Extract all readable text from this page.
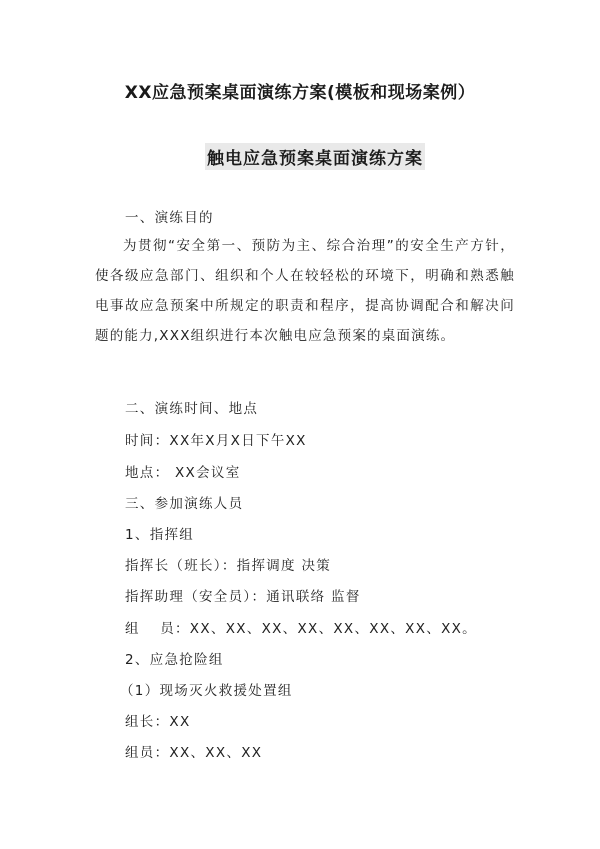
XX应急预案桌面演练方案(模板和现场案例）
触电应急预案桌面演练方案
一、演练目的
为贯彻“安全第一、预防为主、综合治理”的安全生产方针，使各级应急部门、组织和个人在较轻松的环境下，明确和熟悉触电事故应急预案中所规定的职责和程序，提高协调配合和解决问题的能力,XXX组织进行本次触电应急预案的桌面演练。
二、演练时间、地点
时间：XX年X月X日下午XX
地点： XX会议室
三、参加演练人员
1、指挥组
指挥长（班长）：指挥调度 决策
指挥助理（安全员）：通讯联络 监督
组　 员：XX、XX、XX、XX、XX、XX、XX、XX。
2、应急抢险组
（1）现场灭火救援处置组
组长：XX
组员：XX、XX、XX
